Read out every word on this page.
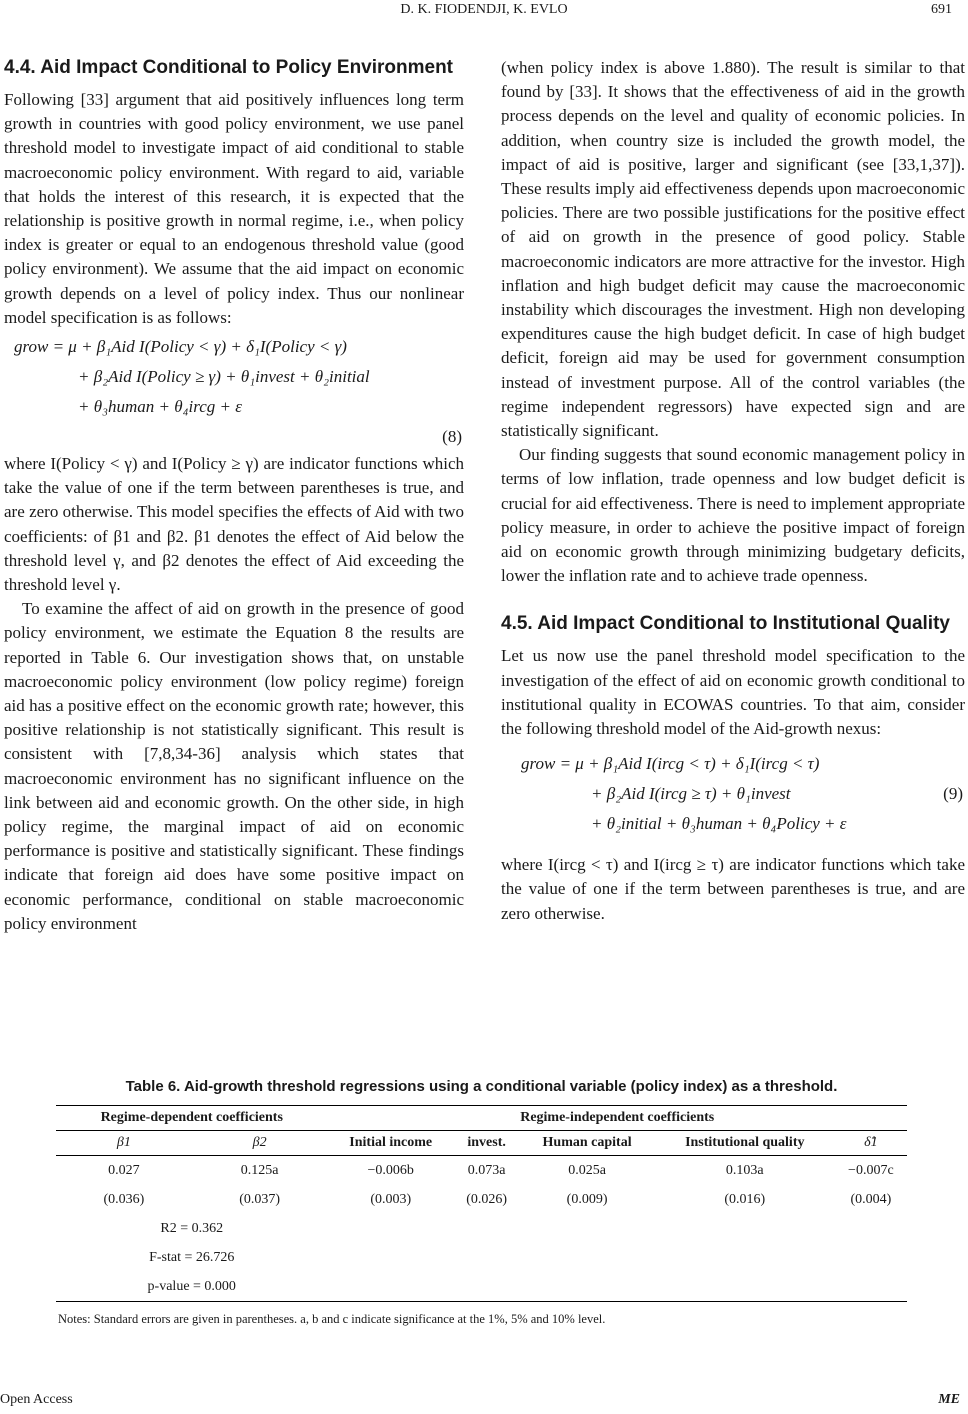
D. K. FIODENDJI, K. EVLO	691
4.4. Aid Impact Conditional to Policy Environment

Following [33] argument that aid positively influences long term growth in countries with good policy environment, we use panel threshold model to investigate impact of aid conditional to stable macroeconomic policy environment. With regard to aid, variable that holds the interest of this research, it is expected that the relationship is positive growth in normal regime, i.e., when policy index is greater or equal to an endogenous threshold value (good policy environment). We assume that the aid impact on economic growth depends on a level of policy index. Thus our nonlinear model specification is as follows:

grow = μ + β₁Aid I(Policy < γ) + δ₁I(Policy < γ)
+ β₂Aid I(Policy ≥ γ) + θ₁invest + θ₂initial
+ θ₃human + θ₄ircg + ε
(8)

where I(Policy < γ) and I(Policy ≥ γ) are indicator functions which take the value of one if the term between parentheses is true, and are zero otherwise. This model specifies the effects of Aid with two coefficients: of β1 and β2. β1 denotes the effect of Aid below the threshold level γ, and β2 denotes the effect of Aid exceeding the threshold level γ.

To examine the affect of aid on growth in the presence of good policy environment, we estimate the Equation 8 the results are reported in Table 6. Our investigation shows that, on unstable macroeconomic policy environment (low policy regime) foreign aid has a positive effect on the economic growth rate; however, this positive relationship is not statistically significant. This result is consistent with [7,8,34-36] analysis which states that macroeconomic environment has no significant influence on the link between aid and economic growth. On the other side, in high policy regime, the marginal impact of aid on economic performance is positive and statistically significant. These findings indicate that foreign aid does have some positive impact on economic performance, conditional on stable macroeconomic policy environment

(when policy index is above 1.880). The result is similar to that found by [33]. It shows that the effectiveness of aid in the growth process depends on the level and quality of economic policies. In addition, when country size is included the growth model, the impact of aid is positive, larger and significant (see [33,1,37]). These results imply aid effectiveness depends upon macroeconomic policies. There are two possible justifications for the positive effect of aid on growth in the presence of good policy. Stable macroeconomic indicators are more attractive for the investor. High inflation and high budget deficit may cause the macroeconomic instability which discourages the investment. High non developing expenditures cause the high budget deficit. In case of high budget deficit, foreign aid may be used for government consumption instead of investment purpose. All of the control variables (the regime independent regressors) have expected sign and are statistically significant.

Our finding suggests that sound economic management policy in terms of low inflation, trade openness and low budget deficit is crucial for aid effectiveness. There is need to implement appropriate policy measure, in order to achieve the positive impact of foreign aid on economic growth through minimizing budgetary deficits, lower the inflation rate and to achieve trade openness.

4.5. Aid Impact Conditional to Institutional Quality

Let us now use the panel threshold model specification to the investigation of the effect of aid on economic growth conditional to institutional quality in ECOWAS countries. To that aim, consider the following threshold model of the Aid-growth nexus:

grow = μ + β₁Aid I(ircg < τ) + δ₁I(ircg < τ)
+ β₂Aid I(ircg ≥ τ) + θ₁invest	(9)
+ θ₂initial + θ₃human + θ₄Policy + ε

where I(ircg < τ) and I(ircg ≥ τ) are indicator functions which take the value of one if the term between parentheses is true, and are zero otherwise.

Table 6. Aid-growth threshold regressions using a conditional variable (policy index) as a threshold.
Regime-dependent coefficients		Regime-independent coefficients				
β1	β2	Initial income	invest.	Human capital	Institutional quality	δ̂1
0.027	0.125a	−0.006b	0.073a	0.025a	0.103a	−0.007c
(0.036)	(0.037)	(0.003)	(0.026)	(0.009)	(0.016)	(0.004)
R2 = 0.362						
F-stat = 26.726						
p-value = 0.000						
Notes: Standard errors are given in parentheses. a, b and c indicate significance at the 1%, 5% and 10% level.
Open Access	ME
